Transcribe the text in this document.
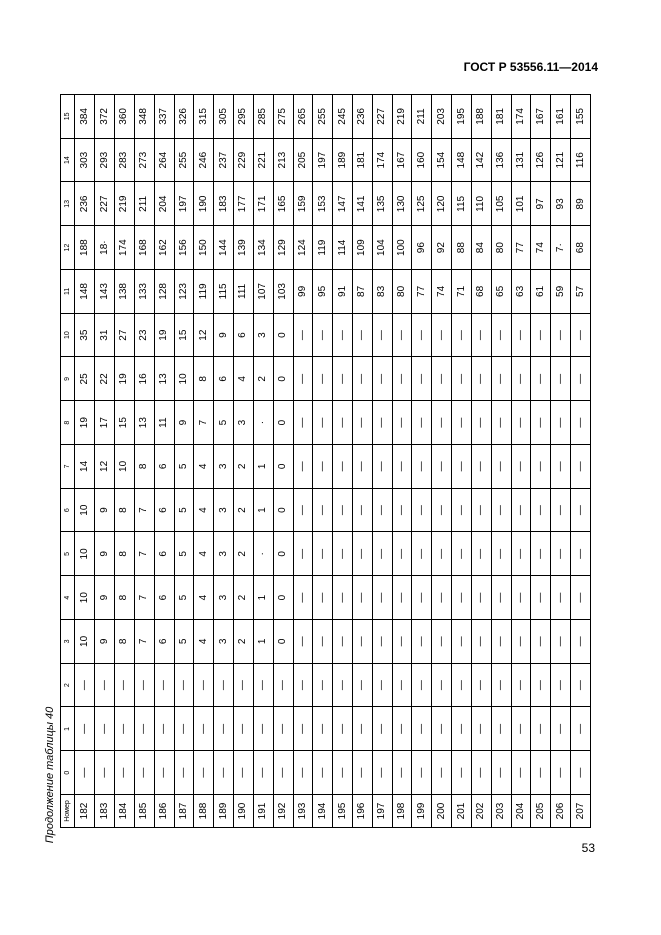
ГОСТ Р 53556.11—2014
Продолжение таблицы 40 Номер	0	1	2	3	4	5	6	7	8	9	10	11	12	13	14	15
182	—	—	—	10	10	10	10	14	19	25	35	148	188	236	303	384
183	—	—	—	9	9	9	9	12	17	22	31	143	18·	227	293	372
184	—	—	—	8	8	8	8	10	15	19	27	138	174	219	283	360
185	—	—	—	7	7	7	7	8	13	16	23	133	168	211	273	348
186	—	—	—	6	6	6	6	6	11	13	19	128	162	204	264	337
187	—	—	—	5	5	5	5	5	9	10	15	123	156	197	255	326
188	—	—	—	4	4	4	4	4	7	8	12	119	150	190	246	315
189	—	—	—	3	3	3	3	3	5	6	9	115	144	183	237	305
190	—	—	—	2	2	2	2	2	3	4	6	111	139	177	229	295
191	—	—	—	1	1	·	1	1	·	2	3	107	134	171	221	285
192	—	—	—	0	0	0	0	0	0	0	0	103	129	165	213	275
193	—	—	—	—	—	—	—	—	—	—	—	99	124	159	205	265
194	—	—	—	—	—	—	—	—	—	—	—	95	119	153	197	255
195	—	—	—	—	—	—	—	—	—	—	—	91	114	147	189	245
196	—	—	—	—	—	—	—	—	—	—	—	87	109	141	181	236
197	—	—	—	—	—	—	—	—	—	—	—	83	104	135	174	227
198	—	—	—	—	—	—	—	—	—	—	—	80	100	130	167	219
199	—	—	—	—	—	—	—	—	—	—	—	77	96	125	160	211
200	—	—	—	—	—	—	—	—	—	—	—	74	92	120	154	203
201	—	—	—	—	—	—	—	—	—	—	—	71	88	115	148	195
202	—	—	—	—	—	—	—	—	—	—	—	68	84	110	142	188
203	—	—	—	—	—	—	—	—	—	—	—	65	80	105	136	181
204	—	—	—	—	—	—	—	—	—	—	—	63	77	101	131	174
205	—	—	—	—	—	—	—	—	—	—	—	61	74	97	126	167
206	—	—	—	—	—	—	—	—	—	—	—	59	7·	93	121	161
207	—	—	—	—	—	—	—	—	—	—	—	57	68	89	116	155
53
